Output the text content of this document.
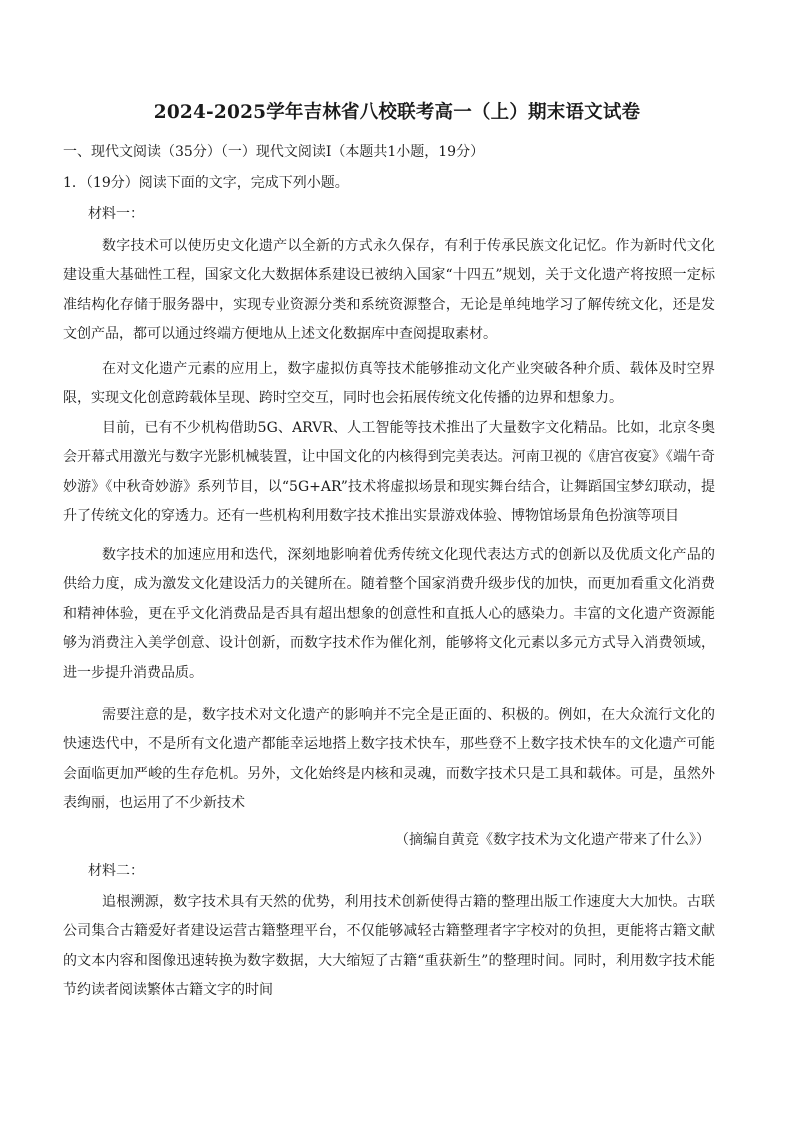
2024-2025学年吉林省八校联考高一（上）期末语文试卷
一、现代文阅读（35分）（一）现代文阅读Ⅰ（本题共1小题，19分）
1．（19分）阅读下面的文字，完成下列小题。
材料一：

数字技术可以使历史文化遗产以全新的方式永久保存，有利于传承民族文化记忆。作为新时代文化建设重大基础性工程，国家文化大数据体系建设已被纳入国家“十四五”规划，关于文化遗产将按照一定标准结构化存储于服务器中，实现专业资源分类和系统资源整合，无论是单纯地学习了解传统文化，还是发文创产品，都可以通过终端方便地从上述文化数据库中查阅提取素材。

在对文化遗产元素的应用上，数字虚拟仿真等技术能够推动文化产业突破各种介质、载体及时空界限，实现文化创意跨载体呈现、跨时空交互，同时也会拓展传统文化传播的边界和想象力。

目前，已有不少机构借助5G、ARVR、人工智能等技术推出了大量数字文化精品。比如，北京冬奥会开幕式用激光与数字光影机械装置，让中国文化的内核得到完美表达。河南卫视的《唐宫夜宴》《端午奇妙游》《中秋奇妙游》系列节目，以“5G+AR”技术将虚拟场景和现实舞台结合，让舞蹈国宝梦幻联动，提升了传统文化的穿透力。还有一些机构利用数字技术推出实景游戏体验、博物馆场景角色扮演等项目

数字技术的加速应用和迭代，深刻地影响着优秀传统文化现代表达方式的创新以及优质文化产品的供给力度，成为激发文化建设活力的关键所在。随着整个国家消费升级步伐的加快，而更加看重文化消费和精神体验，更在乎文化消费品是否具有超出想象的创意性和直抵人心的感染力。丰富的文化遗产资源能够为消费注入美学创意、设计创新，而数字技术作为催化剂，能够将文化元素以多元方式导入消费领域，进一步提升消费品质。

需要注意的是，数字技术对文化遗产的影响并不完全是正面的、积极的。例如，在大众流行文化的快速迭代中，不是所有文化遗产都能幸运地搭上数字技术快车，那些登不上数字技术快车的文化遗产可能会面临更加严峻的生存危机。另外，文化始终是内核和灵魂，而数字技术只是工具和载体。可是，虽然外表绚丽，也运用了不少新技术

（摘编自黄竞《数字技术为文化遗产带来了什么》）
材料二：

追根溯源，数字技术具有天然的优势，利用技术创新使得古籍的整理出版工作速度大大加快。古联公司集合古籍爱好者建设运营古籍整理平台，不仅能够减轻古籍整理者字字校对的负担，更能将古籍文献的文本内容和图像迅速转换为数字数据，大大缩短了古籍“重获新生”的整理时间。同时，利用数字技术能节约读者阅读繁体古籍文字的时间
